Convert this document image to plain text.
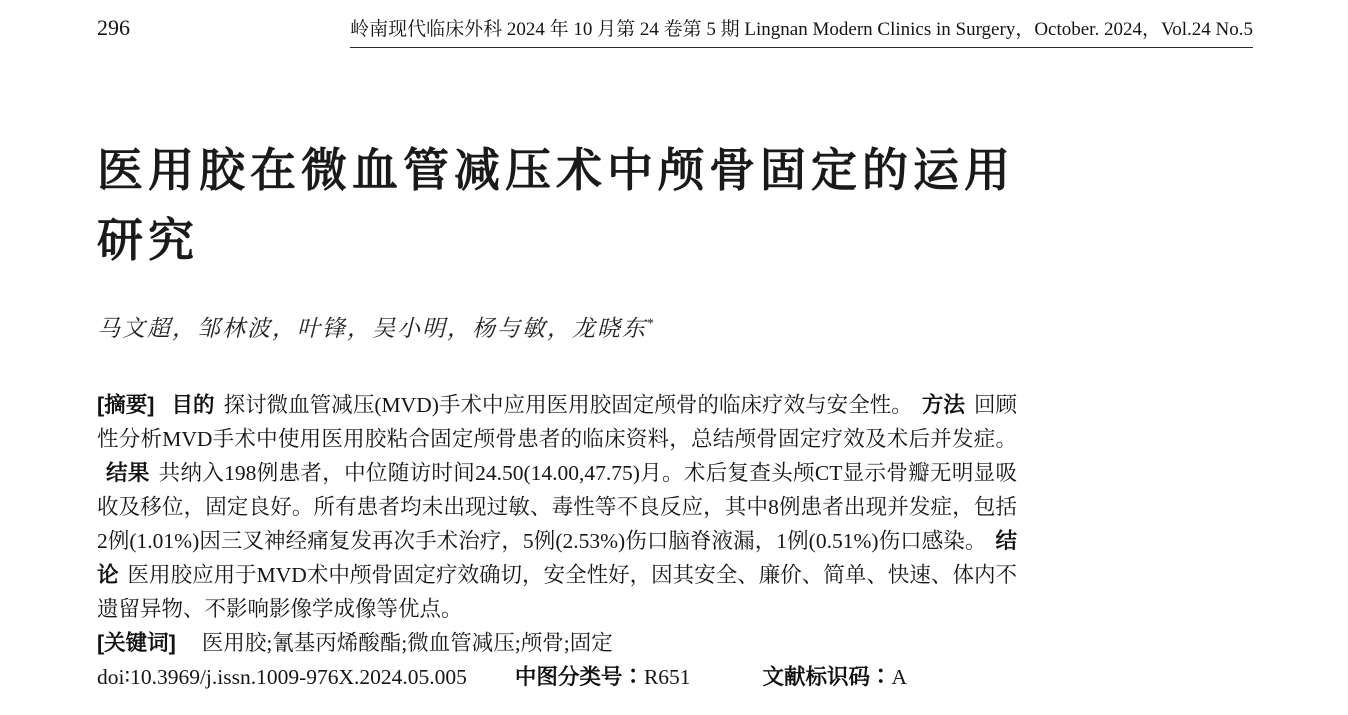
296	岭南现代临床外科 2024 年 10 月第 24 卷第 5 期 Lingnan Modern Clinics in Surgery，October. 2024，Vol.24 No.5
医用胶在微血管减压术中颅骨固定的运用研究
马文超，邹林波，叶锋，吴小明，杨与敏，龙晓东*

[摘要] 目的 探讨微血管减压(MVD)手术中应用医用胶固定颅骨的临床疗效与安全性。 方法 回顾性分析MVD手术中使用医用胶粘合固定颅骨患者的临床资料，总结颅骨固定疗效及术后并发症。结果 共纳入198例患者，中位随访时间24.50(14.00,47.75)月。术后复查头颅CT显示骨瓣无明显吸收及移位，固定良好。所有患者均未出现过敏、毒性等不良反应，其中8例患者出现并发症，包括2例(1.01%)因三叉神经痛复发再次手术治疗，5例(2.53%)伤口脑脊液漏，1例(0.51%)伤口感染。 结论 医用胶应用于MVD术中颅骨固定疗效确切，安全性好，因其安全、廉价、简单、快速、体内不遗留异物、不影响影像学成像等优点。

[关键词] 医用胶;氰基丙烯酸酯;微血管减压;颅骨;固定

doi∶10.3969/j.issn.1009-976X.2024.05.005 中图分类号∶R651	文献标识码∶A
